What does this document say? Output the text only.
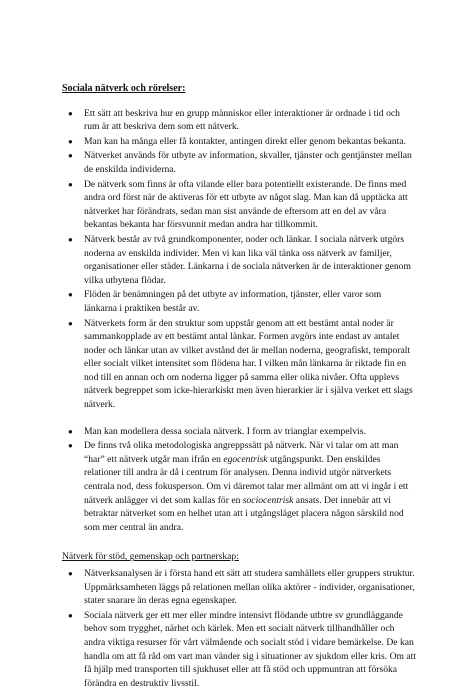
Sociala nätverk och rörelser:
● Ett sätt att beskriva hur en grupp människor eller interaktioner är ordnade i tid och rum är att beskriva dem som ett nätverk.
● Man kan ha många eller få kontakter, antingen direkt eller genom bekantas bekanta.
● Nätverket används för utbyte av information, skvaller, tjänster och gentjänster mellan de enskilda individerna.
● De nätverk som finns är ofta vilande eller bara potentiellt existerande. De finns med andra ord först när de aktiveras för ett utbyte av något slag. Man kan då upptäcka att nätverket har förändrats, sedan man sist använde de eftersom att en del av våra bekantas bekanta har försvunnit medan andra har tillkommit.
● Nätverk består av två grundkomponenter, noder och länkar. I sociala nätverk utgörs noderna av enskilda individer. Men vi kan lika väl tänka oss nätverk av familjer, organisationer eller städer. Länkarna i de sociala nätverken är de interaktioner genom vilka utbytena flödar.
● Flöden är benämningen på det utbyte av information, tjänster, eller varor som länkarna i praktiken består av.
● Nätverkets form är den struktur som uppstår genom att ett bestämt antal noder är sammankopplade av ett bestämt antal länkar. Formen avgörs inte endast av antalet noder och länkar utan av vilket avstånd det är mellan noderna, geografiskt, temporalt eller socialt vilket intensitet som flödena har. I vilken mån länkarna är riktade fin en nod till en annan och om noderna ligger på samma eller olika nivåer. Ofta upplevs nätverk begreppet som icke-hierarkiskt men även hierarkier är i själva verket ett slags nätverk.
● Man kan modellera dessa sociala nätverk. I form av trianglar exempelvis.
● De finns två olika metodologiska angreppssätt på nätverk. När vi talar om att man “har” ett nätverk utgår man ifrån en egocentrisk utgångspunkt. Den enskildes relationer till andra är då i centrum för analysen. Denna individ utgör nätverkets centrala nod, dess fokusperson. Om vi däremot talar mer allmänt om att vi ingår i ett nätverk anlägger vi det som kallas för en sociocentrisk ansats. Det innebär att vi betraktar nätverket som en helhet utan att i utgångsläget placera någon särskild nod som mer central än andra.
Nätverk för stöd, gemenskap och partnerskap:
● Nätverksanalysen är i första hand ett sätt att studera samhällets eller gruppers struktur. Uppmärksamheten läggs på relationen mellan olika aktörer - individer, organisationer, stater snarare än deras egna egenskaper.
● Sociala nätverk ger ett mer eller mindre intensivt flödande utbtre sv grundläggande behov som trygghet, närhet och kärlek. Men ett socialt nätverk tillhandhåller och andra viktiga resurser för vårt välmående och socialt stöd i vidare bemärkelse. De kan handla om att få råd om vart man vänder sig i situationer av sjukdom eller kris. Om att få hjälp med transporten till sjukhuset eller att få stöd och uppmuntran att försöka förändra en destruktiv livsstil.
